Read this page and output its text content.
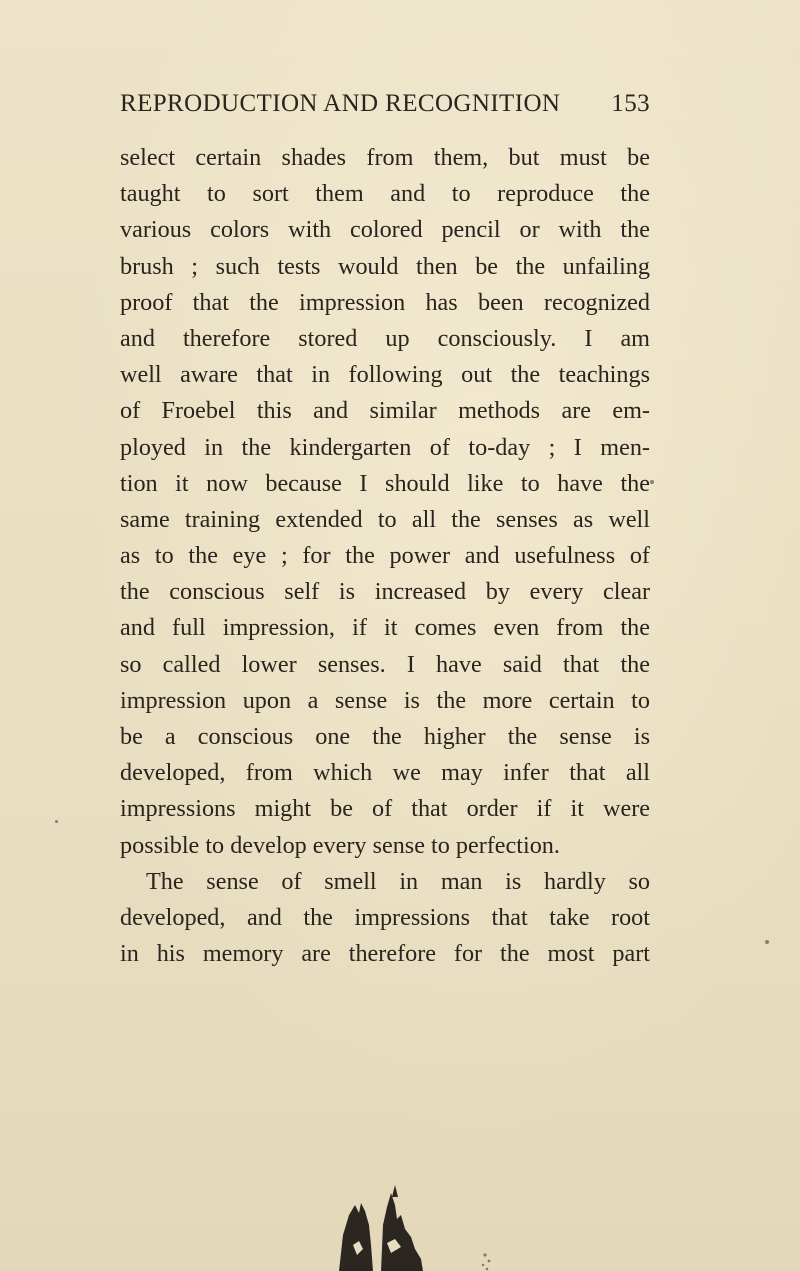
REPRODUCTION AND RECOGNITION 153
select certain shades from them, but must be
taught to sort them and to reproduce the
various colors with colored pencil or with the
brush ; such tests would then be the unfailing
proof that the impression has been recognized
and therefore stored up consciously. I am
well aware that in following out the teachings
of Froebel this and similar methods are em-
ployed in the kindergarten of to-day ; I men-
tion it now because I should like to have the
same training extended to all the senses as well
as to the eye ; for the power and usefulness of
the conscious self is increased by every clear
and full impression, if it comes even from the
so called lower senses. I have said that the
impression upon a sense is the more certain to
be a conscious one the higher the sense is
developed, from which we may infer that all
impressions might be of that order if it were
possible to develop every sense to perfection.
The sense of smell in man is hardly so
developed, and the impressions that take root
in his memory are therefore for the most part
